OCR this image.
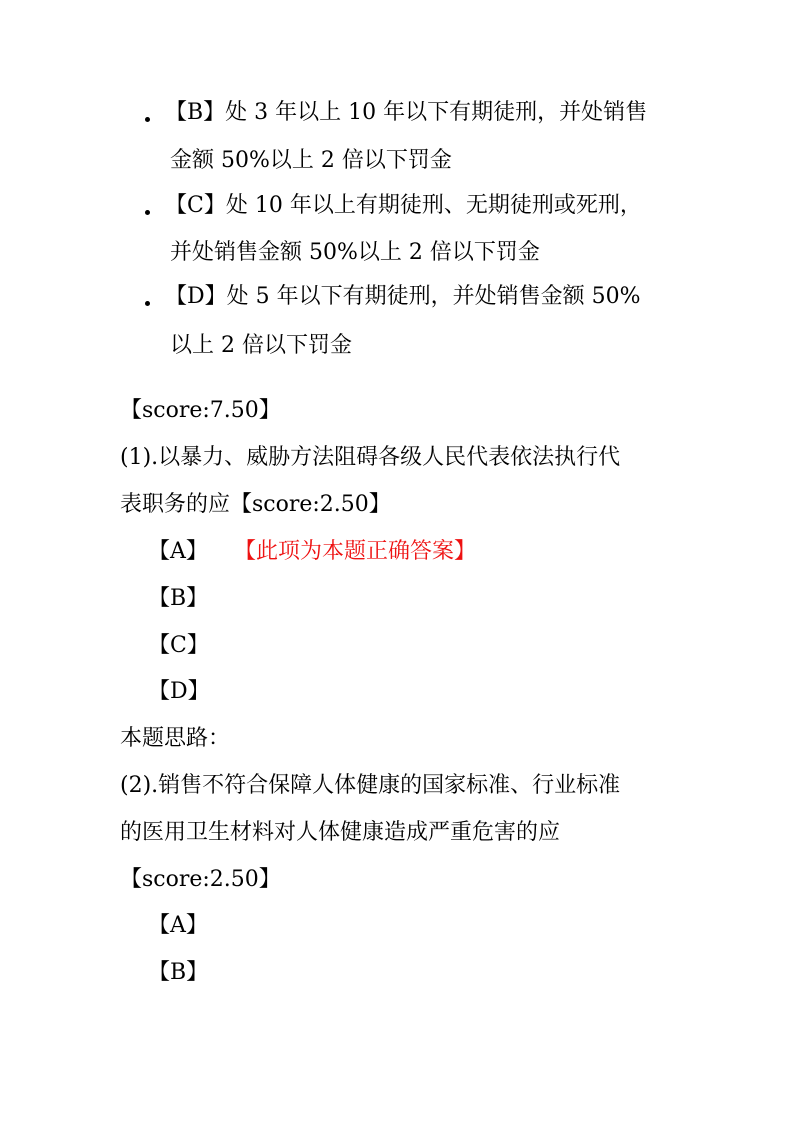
【B】处 3 年以上 10 年以下有期徒刑，并处销售
金额 50%以上 2 倍以下罚金
【C】处 10 年以上有期徒刑、无期徒刑或死刑，
并处销售金额 50%以上 2 倍以下罚金
【D】处 5 年以下有期徒刑，并处销售金额 50%
以上 2 倍以下罚金
【score:7.50】
(1).以暴力、威胁方法阻碍各级人民代表依法执行代
表职务的应【score:2.50】
【A】 【此项为本题正确答案】
【B】
【C】
【D】
本题思路：
(2).销售不符合保障人体健康的国家标准、行业标准
的医用卫生材料对人体健康造成严重危害的应
【score:2.50】
【A】
【B】
